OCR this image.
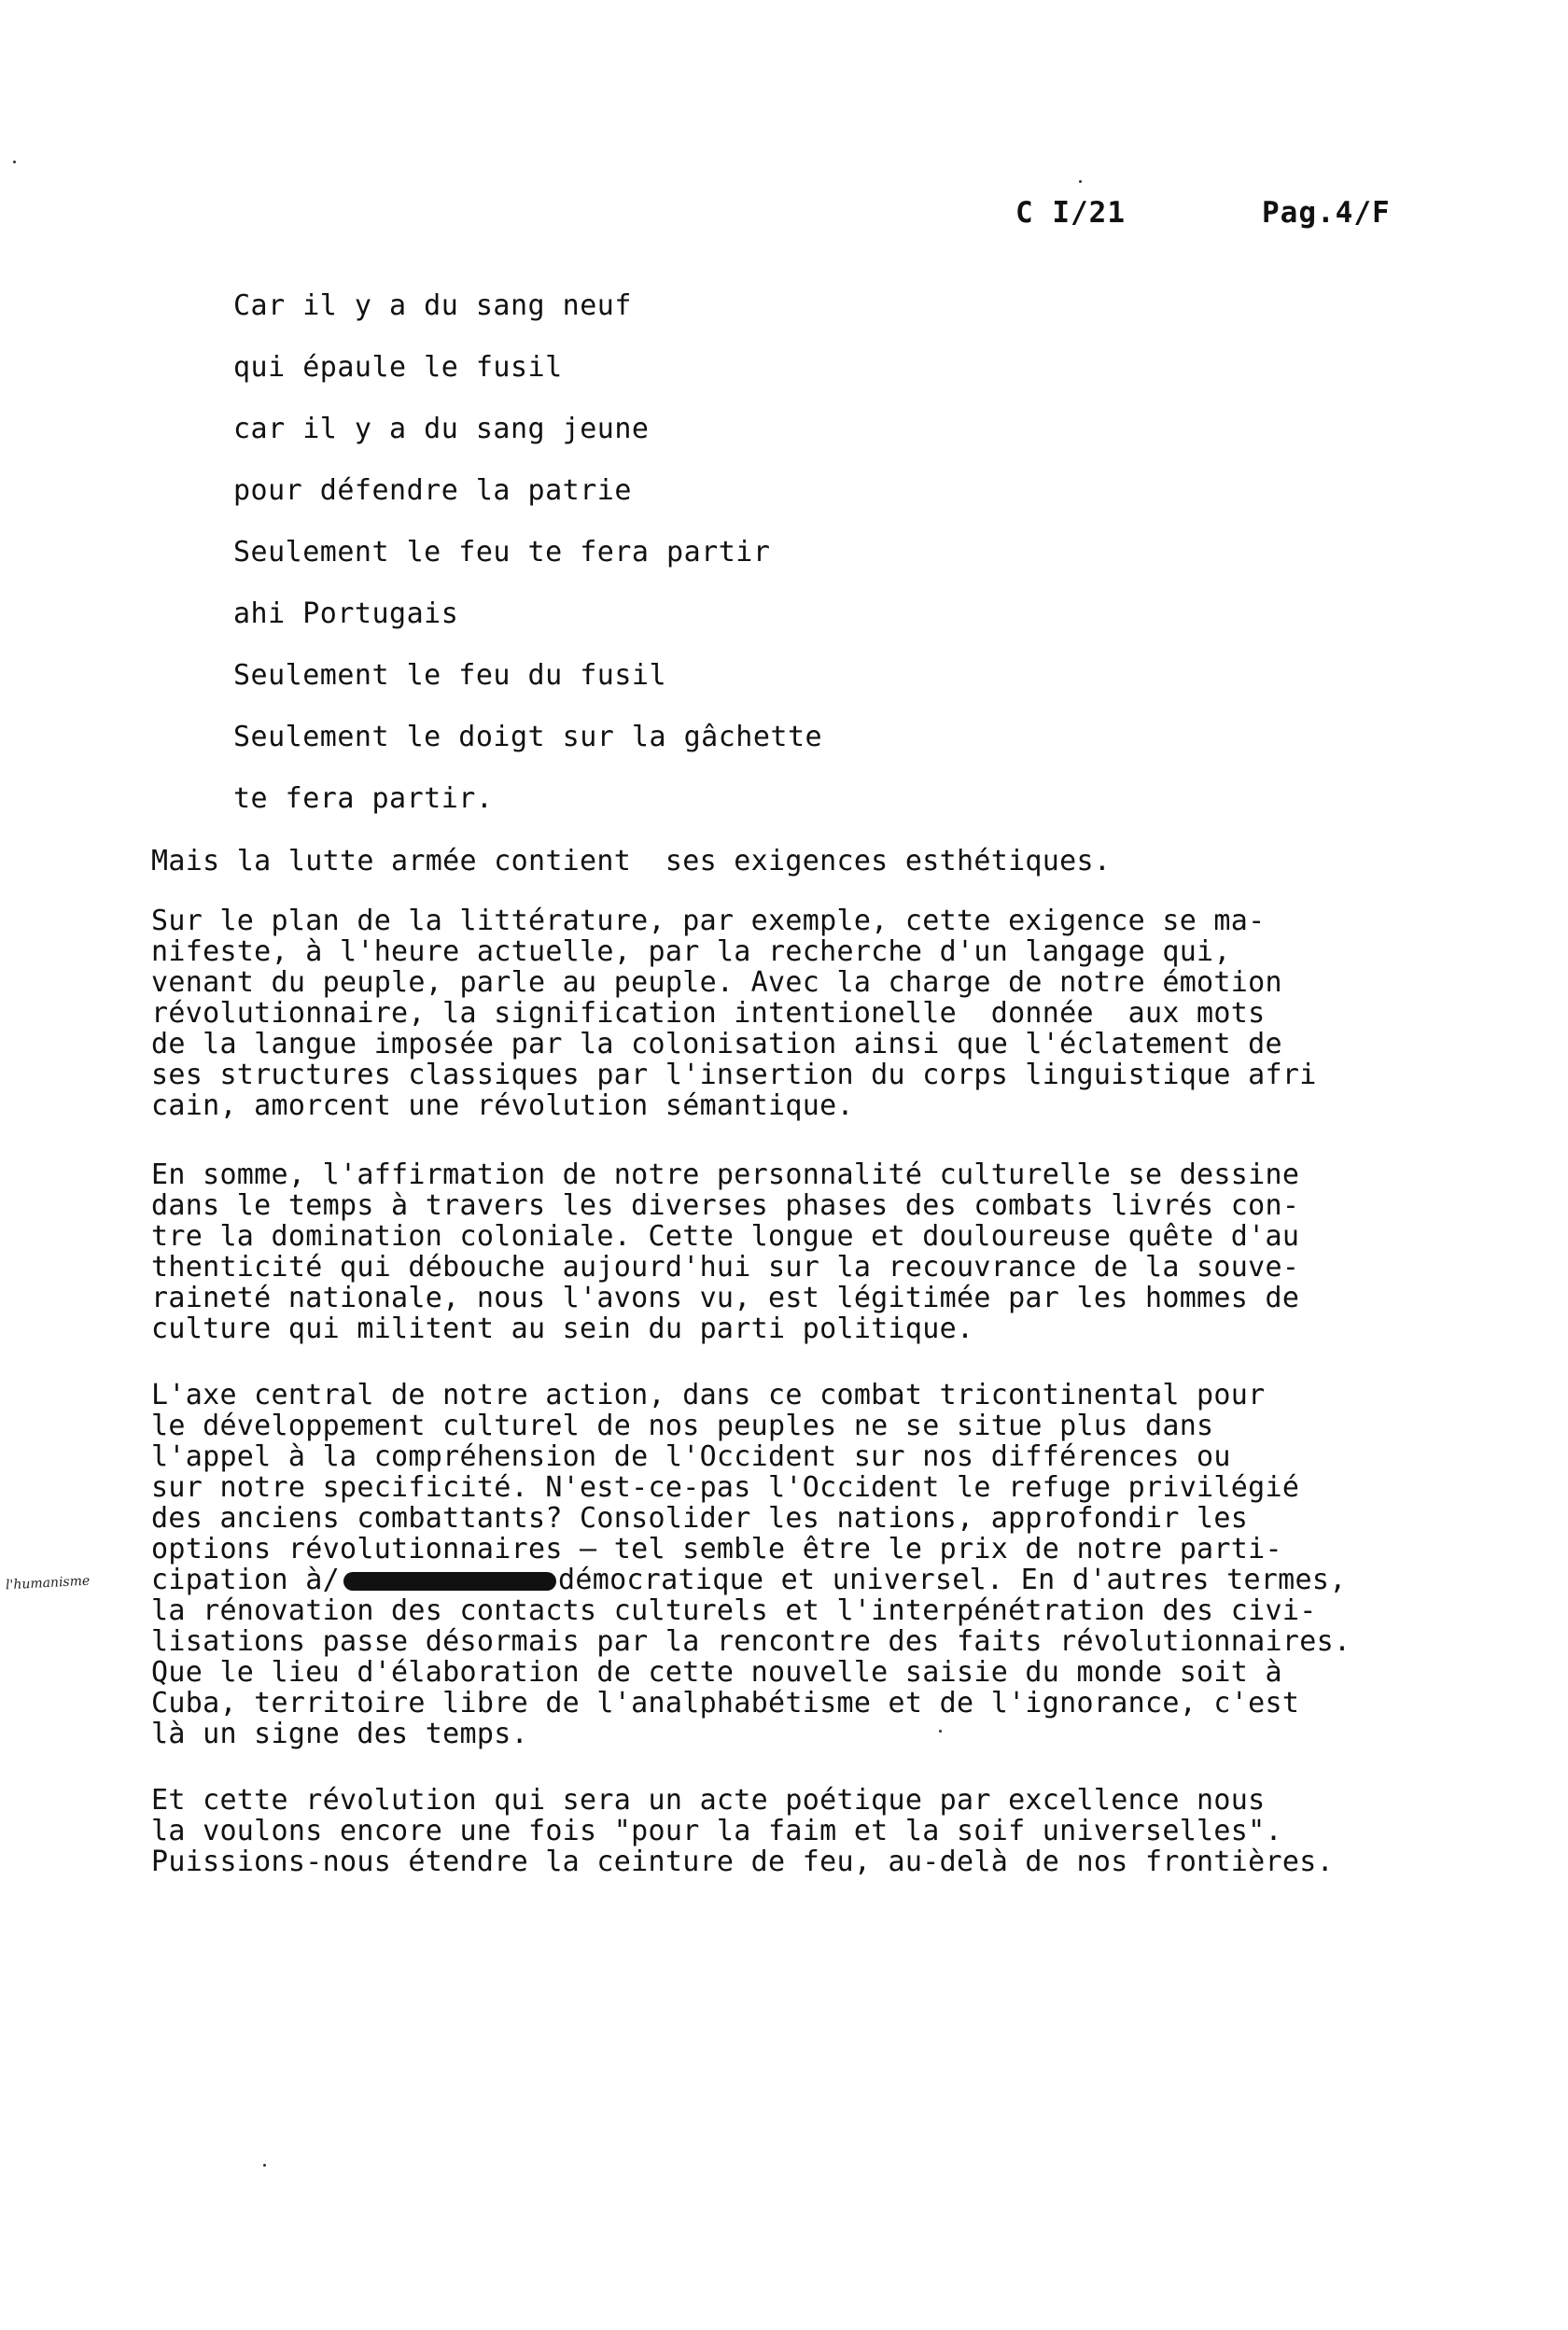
C I/21	Pag.4/F
Car il y a du sang neuf
qui épaule le fusil
car il y a du sang jeune
pour défendre la patrie
Seulement le feu te fera partir
ahi Portugais
Seulement le feu du fusil
Seulement le doigt sur la gâchette
te fera partir.

Mais la lutte armée contient  ses exigences esthétiques.

Sur le plan de la littérature, par exemple, cette exigence se ma-

nifeste, à l'heure actuelle, par la recherche d'un langage qui,

venant du peuple, parle au peuple. Avec la charge de notre émotion

révolutionnaire, la signification intentionelle  donnée  aux mots

de la langue imposée par la colonisation ainsi que l'éclatement de

ses structures classiques par l'insertion du corps linguistique afri

cain, amorcent une révolution sémantique.

En somme, l'affirmation de notre personnalité culturelle se dessine

dans le temps à travers les diverses phases des combats livrés con-

tre la domination coloniale. Cette longue et douloureuse quête d'au

thenticité qui débouche aujourd'hui sur la recouvrance de la souve-

raineté nationale, nous l'avons vu, est légitimée par les hommes de

culture qui militent au sein du parti politique.

L'axe central de notre action, dans ce combat tricontinental pour

le développement culturel de nos peuples ne se situe plus dans

l'appel à la compréhension de l'Occident sur nos différences ou

sur notre specificité. N'est-ce-pas l'Occident le refuge privilégié

des anciens combattants? Consolider les nations, approfondir les

options révolutionnaires — tel semble être le prix de notre parti-

cipation à/	démocratique et universel. En d'autres termes,

la rénovation des contacts culturels et l'interpénétration des civi-

lisations passe désormais par la rencontre des faits révolutionnaires.

Que le lieu d'élaboration de cette nouvelle saisie du monde soit à

Cuba, territoire libre de l'analphabétisme et de l'ignorance, c'est

là un signe des temps.

Et cette révolution qui sera un acte poétique par excellence nous

la voulons encore une fois "pour la faim et la soif universelles".

Puissions-nous étendre la ceinture de feu, au-delà de nos frontières.

l'humanisme
